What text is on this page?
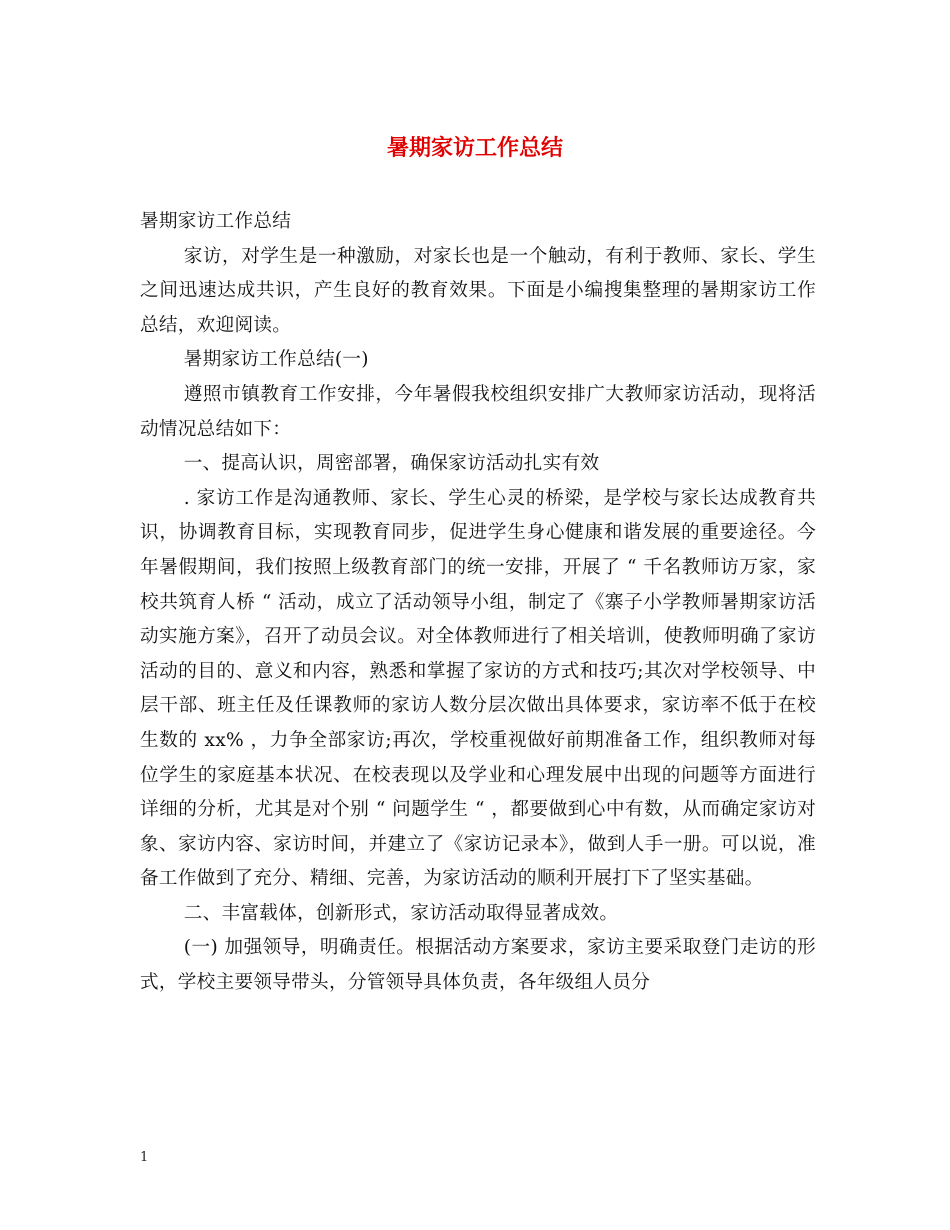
暑期家访工作总结

暑期家访工作总结

家访，对学生是一种激励，对家长也是一个触动，有利于教师、家长、学生之间迅速达成共识，产生良好的教育效果。下面是小编搜集整理的暑期家访工作总结，欢迎阅读。

暑期家访工作总结(一)

遵照市镇教育工作安排，今年暑假我校组织安排广大教师家访活动，现将活动情况总结如下：

一、提高认识，周密部署，确保家访活动扎实有效

. 家访工作是沟通教师、家长、学生心灵的桥梁，是学校与家长达成教育共识，协调教育目标，实现教育同步，促进学生身心健康和谐发展的重要途径。今年暑假期间，我们按照上级教育部门的统一安排，开展了 “ 千名教师访万家，家校共筑育人桥 “ 活动，成立了活动领导小组，制定了《寨子小学教师暑期家访活动实施方案》，召开了动员会议。对全体教师进行了相关培训，使教师明确了家访活动的目的、意义和内容，熟悉和掌握了家访的方式和技巧;其次对学校领导、中层干部、班主任及任课教师的家访人数分层次做出具体要求，家访率不低于在校生数的 xx% ，力争全部家访;再次，学校重视做好前期准备工作，组织教师对每位学生的家庭基本状况、在校表现以及学业和心理发展中出现的问题等方面进行详细的分析，尤其是对个别 “ 问题学生 “ ，都要做到心中有数，从而确定家访对象、家访内容、家访时间，并建立了《家访记录本》，做到人手一册。可以说，准备工作做到了充分、精细、完善，为家访活动的顺利开展打下了坚实基础。

二、丰富载体，创新形式，家访活动取得显著成效。

(一) 加强领导，明确责任。根据活动方案要求，家访主要采取登门走访的形式，学校主要领导带头，分管领导具体负责，各年级组人员分

1
